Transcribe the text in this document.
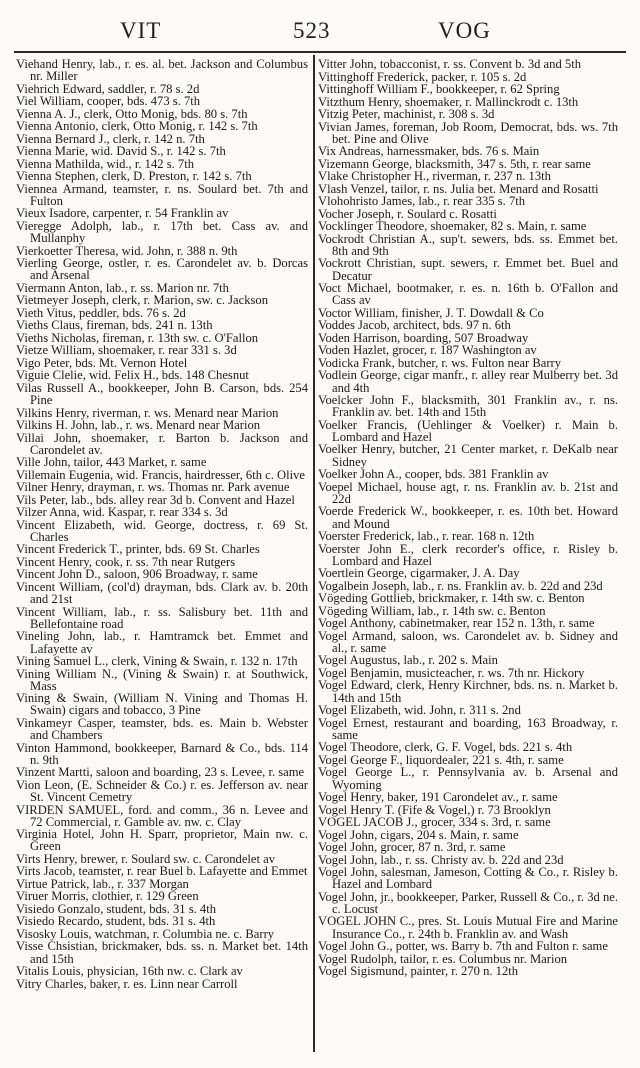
VIT	523	VOG

Viehand Henry, lab., r. es. al. bet. Jackson and Columbus nr. Miller

Viehrich Edward, saddler, r. 78 s. 2d

Viel William, cooper, bds. 473 s. 7th

Vienna A. J., clerk, Otto Monig, bds. 80 s. 7th

Vienna Antonio, clerk, Otto Monig, r. 142 s. 7th

Vienna Bernard J., clerk, r. 142 n. 7th

Vienna Marie, wid. David S., r. 142 s. 7th

Vienna Mathilda, wid., r. 142 s. 7th

Vienna Stephen, clerk, D. Preston, r. 142 s. 7th

Viennea Armand, teamster, r. ns. Soulard bet. 7th and Fulton

Vieux Isadore, carpenter, r. 54 Franklin av

Vieregge Adolph, lab., r. 17th bet. Cass av. and Mullanphy

Vierkoetter Theresa, wid. John, r. 388 n. 9th

Vierling George, ostler, r. es. Carondelet av. b. Dorcas and Arsenal

Viermann Anton, lab., r. ss. Marion nr. 7th

Vietmeyer Joseph, clerk, r. Marion, sw. c. Jackson

Vieth Vitus, peddler, bds. 76 s. 2d

Vieths Claus, fireman, bds. 241 n. 13th

Vieths Nicholas, fireman, r. 13th sw. c. O'Fallon

Vietze William, shoemaker, r. rear 331 s. 3d

Vigo Peter, bds. Mt. Vernon Hotel

Viguie Clelie, wid. Felix H., bds. 148 Chesnut

Vilas Russell A., bookkeeper, John B. Carson, bds. 254 Pine

Vilkins Henry, riverman, r. ws. Menard near Marion

Vilkins H. John, lab., r. ws. Menard near Marion

Villai John, shoemaker, r. Barton b. Jackson and Carondelet av.

Ville John, tailor, 443 Market, r. same

Villemain Eugenia, wid. Francis, hairdresser, 6th c. Olive

Vilner Henry, drayman, r. ws. Thomas nr. Park avenue

Vils Peter, lab., bds. alley rear 3d b. Convent and Hazel

Vilzer Anna, wid. Kaspar, r. rear 334 s. 3d

Vincent Elizabeth, wid. George, doctress, r. 69 St. Charles

Vincent Frederick T., printer, bds. 69 St. Charles

Vincent Henry, cook, r. ss. 7th near Rutgers

Vincent John D., saloon, 906 Broadway, r. same

Vincent William, (col'd) drayman, bds. Clark av. b. 20th and 21st

Vincent William, lab., r. ss. Salisbury bet. 11th and Bellefontaine road

Vineling John, lab., r. Hamtramck bet. Emmet and Lafayette av

Vining Samuel L., clerk, Vining & Swain, r. 132 n. 17th

Vining William N., (Vining & Swain) r. at Southwick, Mass

Vining & Swain, (William N. Vining and Thomas H. Swain) cigars and tobacco, 3 Pine

Vinkameyr Casper, teamster, bds. es. Main b. Webster and Chambers

Vinton Hammond, bookkeeper, Barnard & Co., bds. 114 n. 9th

Vinzent Martti, saloon and boarding, 23 s. Levee, r. same

Vion Leon, (E. Schneider & Co.) r. es. Jefferson av. near St. Vincent Cemetry

VIRDEN SAMUEL, ford. and comm., 36 n. Levee and 72 Commercial, r. Gamble av. nw. c. Clay

Virginia Hotel, John H. Sparr, proprietor, Main nw. c. Green

Virts Henry, brewer, r. Soulard sw. c. Carondelet av

Virts Jacob, teamster, r. rear Buel b. Lafayette and Emmet

Virtue Patrick, lab., r. 337 Morgan

Viruer Morris, clothier, r. 129 Green

Visiedo Gonzalo, student, bds. 31 s. 4th

Visiedo Recardo, student, bds. 31 s. 4th

Visosky Louis, watchman, r. Columbia ne. c. Barry

Visse Chsistian, brickmaker, bds. ss. n. Market bet. 14th and 15th

Vitalis Louis, physician, 16th nw. c. Clark av

Vitry Charles, baker, r. es. Linn near Carroll

Vitter John, tobacconist, r. ss. Convent b. 3d and 5th

Vittinghoff Frederick, packer, r. 105 s. 2d

Vittinghoff William F., bookkeeper, r. 62 Spring

Vitzthum Henry, shoemaker, r. Mallinckrodt c. 13th

Vitzig Peter, machinist, r. 308 s. 3d

Vivian James, foreman, Job Room, Democrat, bds. ws. 7th bet. Pine and Olive

Vix Andreas, harnessmaker, bds. 76 s. Main

Vizemann George, blacksmith, 347 s. 5th, r. rear same

Vlake Christopher H., riverman, r. 237 n. 13th

Vlash Venzel, tailor, r. ns. Julia bet. Menard and Rosatti

Vlohohristo James, lab., r. rear 335 s. 7th

Vocher Joseph, r. Soulard c. Rosatti

Vocklinger Theodore, shoemaker, 82 s. Main, r. same

Vockrodt Christian A., sup't. sewers, bds. ss. Emmet bet. 8th and 9th

Vockrott Christian, supt. sewers, r. Emmet bet. Buel and Decatur

Voct Michael, bootmaker, r. es. n. 16th b. O'Fallon and Cass av

Voctor William, finisher, J. T. Dowdall & Co

Voddes Jacob, architect, bds. 97 n. 6th

Voden Harrison, boarding, 507 Broadway

Voden Hazlet, grocer, r. 187 Washington av

Vodicka Frank, butcher, r. ws. Fulton near Barry

Vodlein George, cigar manfr., r. alley rear Mulberry bet. 3d and 4th

Voelcker John F., blacksmith, 301 Franklin av., r. ns. Franklin av. bet. 14th and 15th

Voelker Francis, (Uehlinger & Voelker) r. Main b. Lombard and Hazel

Voelker Henry, butcher, 21 Center market, r. DeKalb near Sidney

Voelker John A., cooper, bds. 381 Franklin av

Voepel Michael, house agt, r. ns. Franklin av. b. 21st and 22d

Voerde Frederick W., bookkeeper, r. es. 10th bet. Howard and Mound

Voerster Frederick, lab., r. rear. 168 n. 12th

Voerster John E., clerk recorder's office, r. Risley b. Lombard and Hazel

Voertlein George, cigarmaker, J. A. Day

Vogalbein Joseph, lab., r. ns. Franklin av. b. 22d and 23d

Vögeding Gottlieb, brickmaker, r. 14th sw. c. Benton

Vögeding William, lab., r. 14th sw. c. Benton

Vogel Anthony, cabinetmaker, rear 152 n. 13th, r. same

Vogel Armand, saloon, ws. Carondelet av. b. Sidney and al., r. same

Vogel Augustus, lab., r. 202 s. Main

Vogel Benjamin, musicteacher, r. ws. 7th nr. Hickory

Vogel Edward, clerk, Henry Kirchner, bds. ns. n. Market b. 14th and 15th

Vogel Elizabeth, wid. John, r. 311 s. 2nd

Vogel Ernest, restaurant and boarding, 163 Broadway, r. same

Vogel Theodore, clerk, G. F. Vogel, bds. 221 s. 4th

Vogel George F., liquordealer, 221 s. 4th, r. same

Vogel George L., r. Pennsylvania av. b. Arsenal and Wyoming

Vogel Henry, baker, 191 Carondelet av., r. same

Vogel Henry T. (Fife & Vogel,) r. 73 Brooklyn

VOGEL JACOB J., grocer, 334 s. 3rd, r. same

Vogel John, cigars, 204 s. Main, r. same

Vogel John, grocer, 87 n. 3rd, r. same

Vogel John, lab., r. ss. Christy av. b. 22d and 23d

Vogel John, salesman, Jameson, Cotting & Co., r. Risley b. Hazel and Lombard

Vogel John, jr., bookkeeper, Parker, Russell & Co., r. 3d ne. c. Locust

VOGEL JOHN C., pres. St. Louis Mutual Fire and Marine Insurance Co., r. 24th b. Franklin av. and Wash

Vogel John G., potter, ws. Barry b. 7th and Fulton r. same

Vogel Rudolph, tailor, r. es. Columbus nr. Marion

Vogel Sigismund, painter, r. 270 n. 12th
